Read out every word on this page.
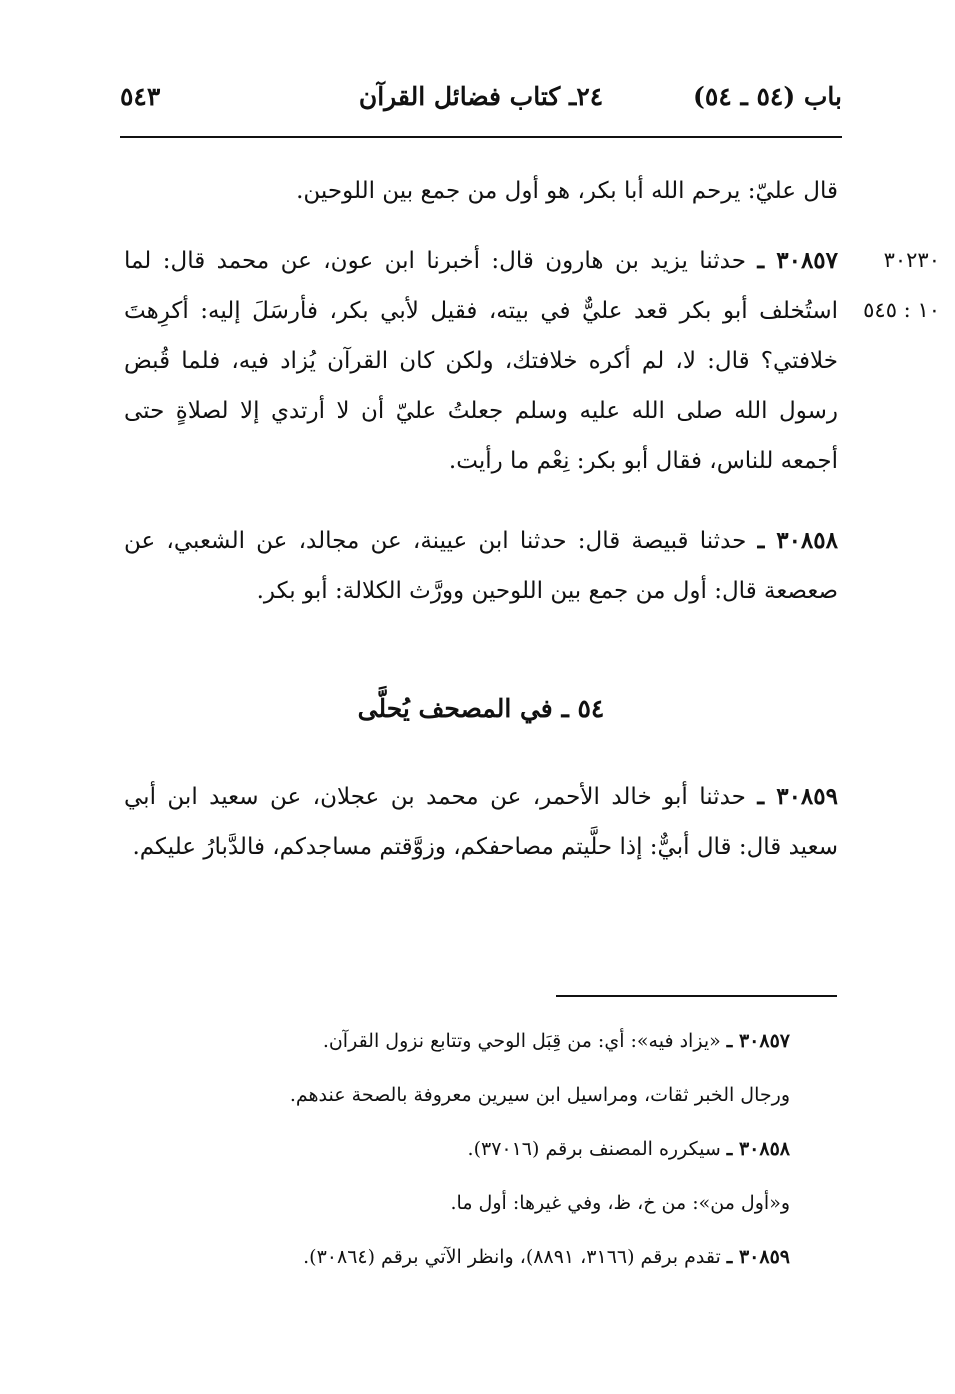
باب (٥٤ ـ ٥٤)
٢٤ـ كتاب فضائل القرآن
٥٤٣
٣٠٢٣٠
١٠ : ٥٤٥
قال عليّ: يرحم الله أبا بكر، هو أول من جمع بين اللوحين.
٣٠٨٥٧ ـ حدثنا يزيد بن هارون قال: أخبرنا ابن عون، عن محمد قال: لما استُخلف أبو بكر قعد عليٌّ في بيته، فقيل لأبي بكر، فأرسَلَ إليه: أكرِهتَ خلافتي؟ قال: لا، لم أكره خلافتك، ولكن كان القرآن يُزاد فيه، فلما قُبض رسول الله صلى الله عليه وسلم جعلتُ عليّ أن لا أرتدي إلا لصلاةٍ حتى أجمعه للناس، فقال أبو بكر: نِعْم ما رأيت.
٣٠٨٥٨ ـ حدثنا قبيصة قال: حدثنا ابن عيينة، عن مجالد، عن الشعبي، عن صعصعة قال: أول من جمع بين اللوحين وورَّث الكلالة: أبو بكر.
٥٤ ـ في المصحف يُحلَّى
٣٠٨٥٩ ـ حدثنا أبو خالد الأحمر، عن محمد بن عجلان، عن سعيد ابن أبي سعيد قال: قال أبيٌّ: إذا حلَّيتم مصاحفكم، وزوَّقتم مساجدكم، فالدَّبارُ عليكم.

٣٠٨٥٧ ـ «يزاد فيه»: أي: من قِبَل الوحي وتتابع نزول القرآن.

ورجال الخبر ثقات، ومراسيل ابن سيرين معروفة بالصحة عندهم.

٣٠٨٥٨ ـ سيكرره المصنف برقم (٣٧٠١٦).

و«أول من»: من خ، ظ، وفي غيرها: أول ما.

٣٠٨٥٩ ـ تقدم برقم (٣١٦٦، ٨٨٩١)، وانظر الآتي برقم (٣٠٨٦٤).
